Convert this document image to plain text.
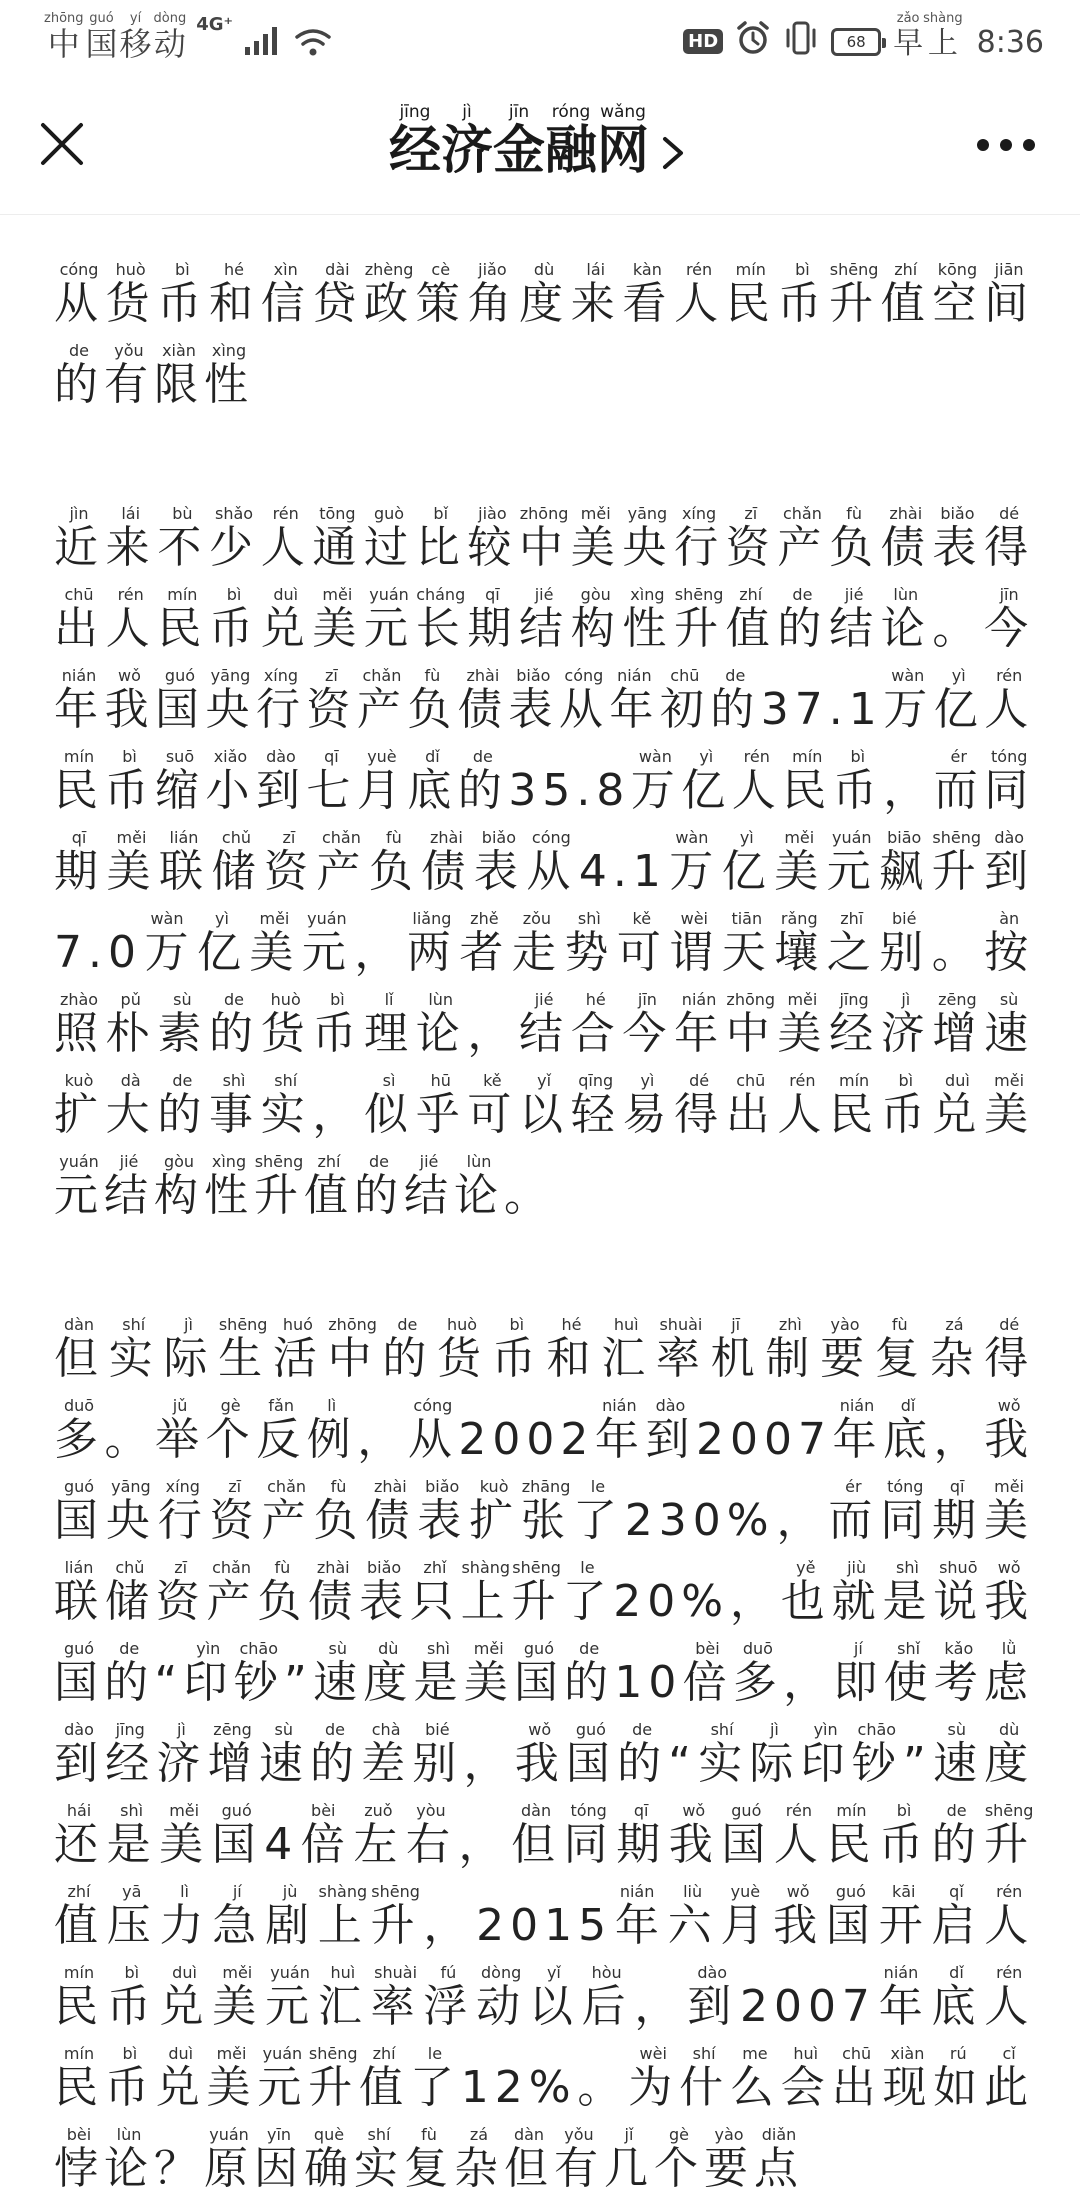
中zhōng
国guó
移yí
动dòng 4G⁺
HD	68 早zǎo上shàng
8:36
经jīng济jì金jīn融róng网wǎng

从cóng货huò币bì和hé信xìn贷dài政zhèng策cè角jiǎo度dù来lái看kàn人rén民mín币bì升shēng值zhí空kōng间jiān的de有yǒu限xiàn性xìng

近jìn来lái不bù少shǎo人rén通tōng过guò比bǐ较jiào中zhōng美měi央yāng行xíng资zī产chǎn负fù债zhài表biǎo得dé出chū人rén民mín币bì兑duì美měi元yuán长cháng期qī结jié构gòu性xìng升shēng值zhí的de结jié论lùn。今jīn年nián我wǒ国guó央yāng行xíng资zī产chǎn负fù债zhài表biǎo从cóng年nián初chū的de37.1万wàn亿yì人rén民mín币bì缩suō小xiǎo到dào七qī月yuè底dǐ的de35.8万wàn亿yì人rén民mín币bì，而ér同tóng期qī美měi联lián储chǔ资zī产chǎn负fù债zhài表biǎo从cóng4.1万wàn亿yì美měi元yuán飙biāo升shēng到dào7.0万wàn亿yì美měi元yuán，两liǎng者zhě走zǒu势shì可kě谓wèi天tiān壤rǎng之zhī别bié。按àn照zhào朴pǔ素sù的de货huò币bì理lǐ论lùn，结jié合hé今jīn年nián中zhōng美měi经jīng济jì增zēng速sù扩kuò大dà的de事shì实shí，似sì乎hū可kě以yǐ轻qīng易yì得dé出chū人rén民mín币bì兑duì美měi元yuán结jié构gòu性xìng升shēng值zhí的de结jié论lùn。

但dàn实shí际jì生shēng活huó中zhōng的de货huò币bì和hé汇huì率shuài机jī制zhì要yào复fù杂zá得dé多duō。举jǔ个gè反fǎn例lì，从cóng2002年nián到dào2007年nián底dǐ，我wǒ国guó央yāng行xíng资zī产chǎn负fù债zhài表biǎo扩kuò张zhāng了le230%，而ér同tóng期qī美měi联lián储chǔ资zī产chǎn负fù债zhài表biǎo只zhǐ上shàng升shēng了le20%，也yě就jiù是shì说shuō我wǒ国guó的de“印yìn钞chāo”速sù度dù是shì美měi国guó的de10倍bèi多duō，即jí使shǐ考kǎo虑lǜ到dào经jīng济jì增zēng速sù的de差chà别bié，我wǒ国guó的de“实shí际jì印yìn钞chāo”速sù度dù还hái是shì美měi国guó4倍bèi左zuǒ右yòu，但dàn同tóng期qī我wǒ国guó人rén民mín币bì的de升shēng值zhí压yā力lì急jí剧jù上shàng升shēng，2015年nián六liù月yuè我wǒ国guó开kāi启qǐ人rén民mín币bì兑duì美měi元yuán汇huì率shuài浮fú动dòng以yǐ后hòu，到dào2007年nián底dǐ人rén民mín币bì兑duì美měi元yuán升shēng值zhí了le12%。为wèi什shí么me会huì出chū现xiàn如rú此cǐ悖bèi论lùn？原yuán因yīn确què实shí复fù杂zá但dàn有yǒu几jǐ个gè要yào点diǎn
